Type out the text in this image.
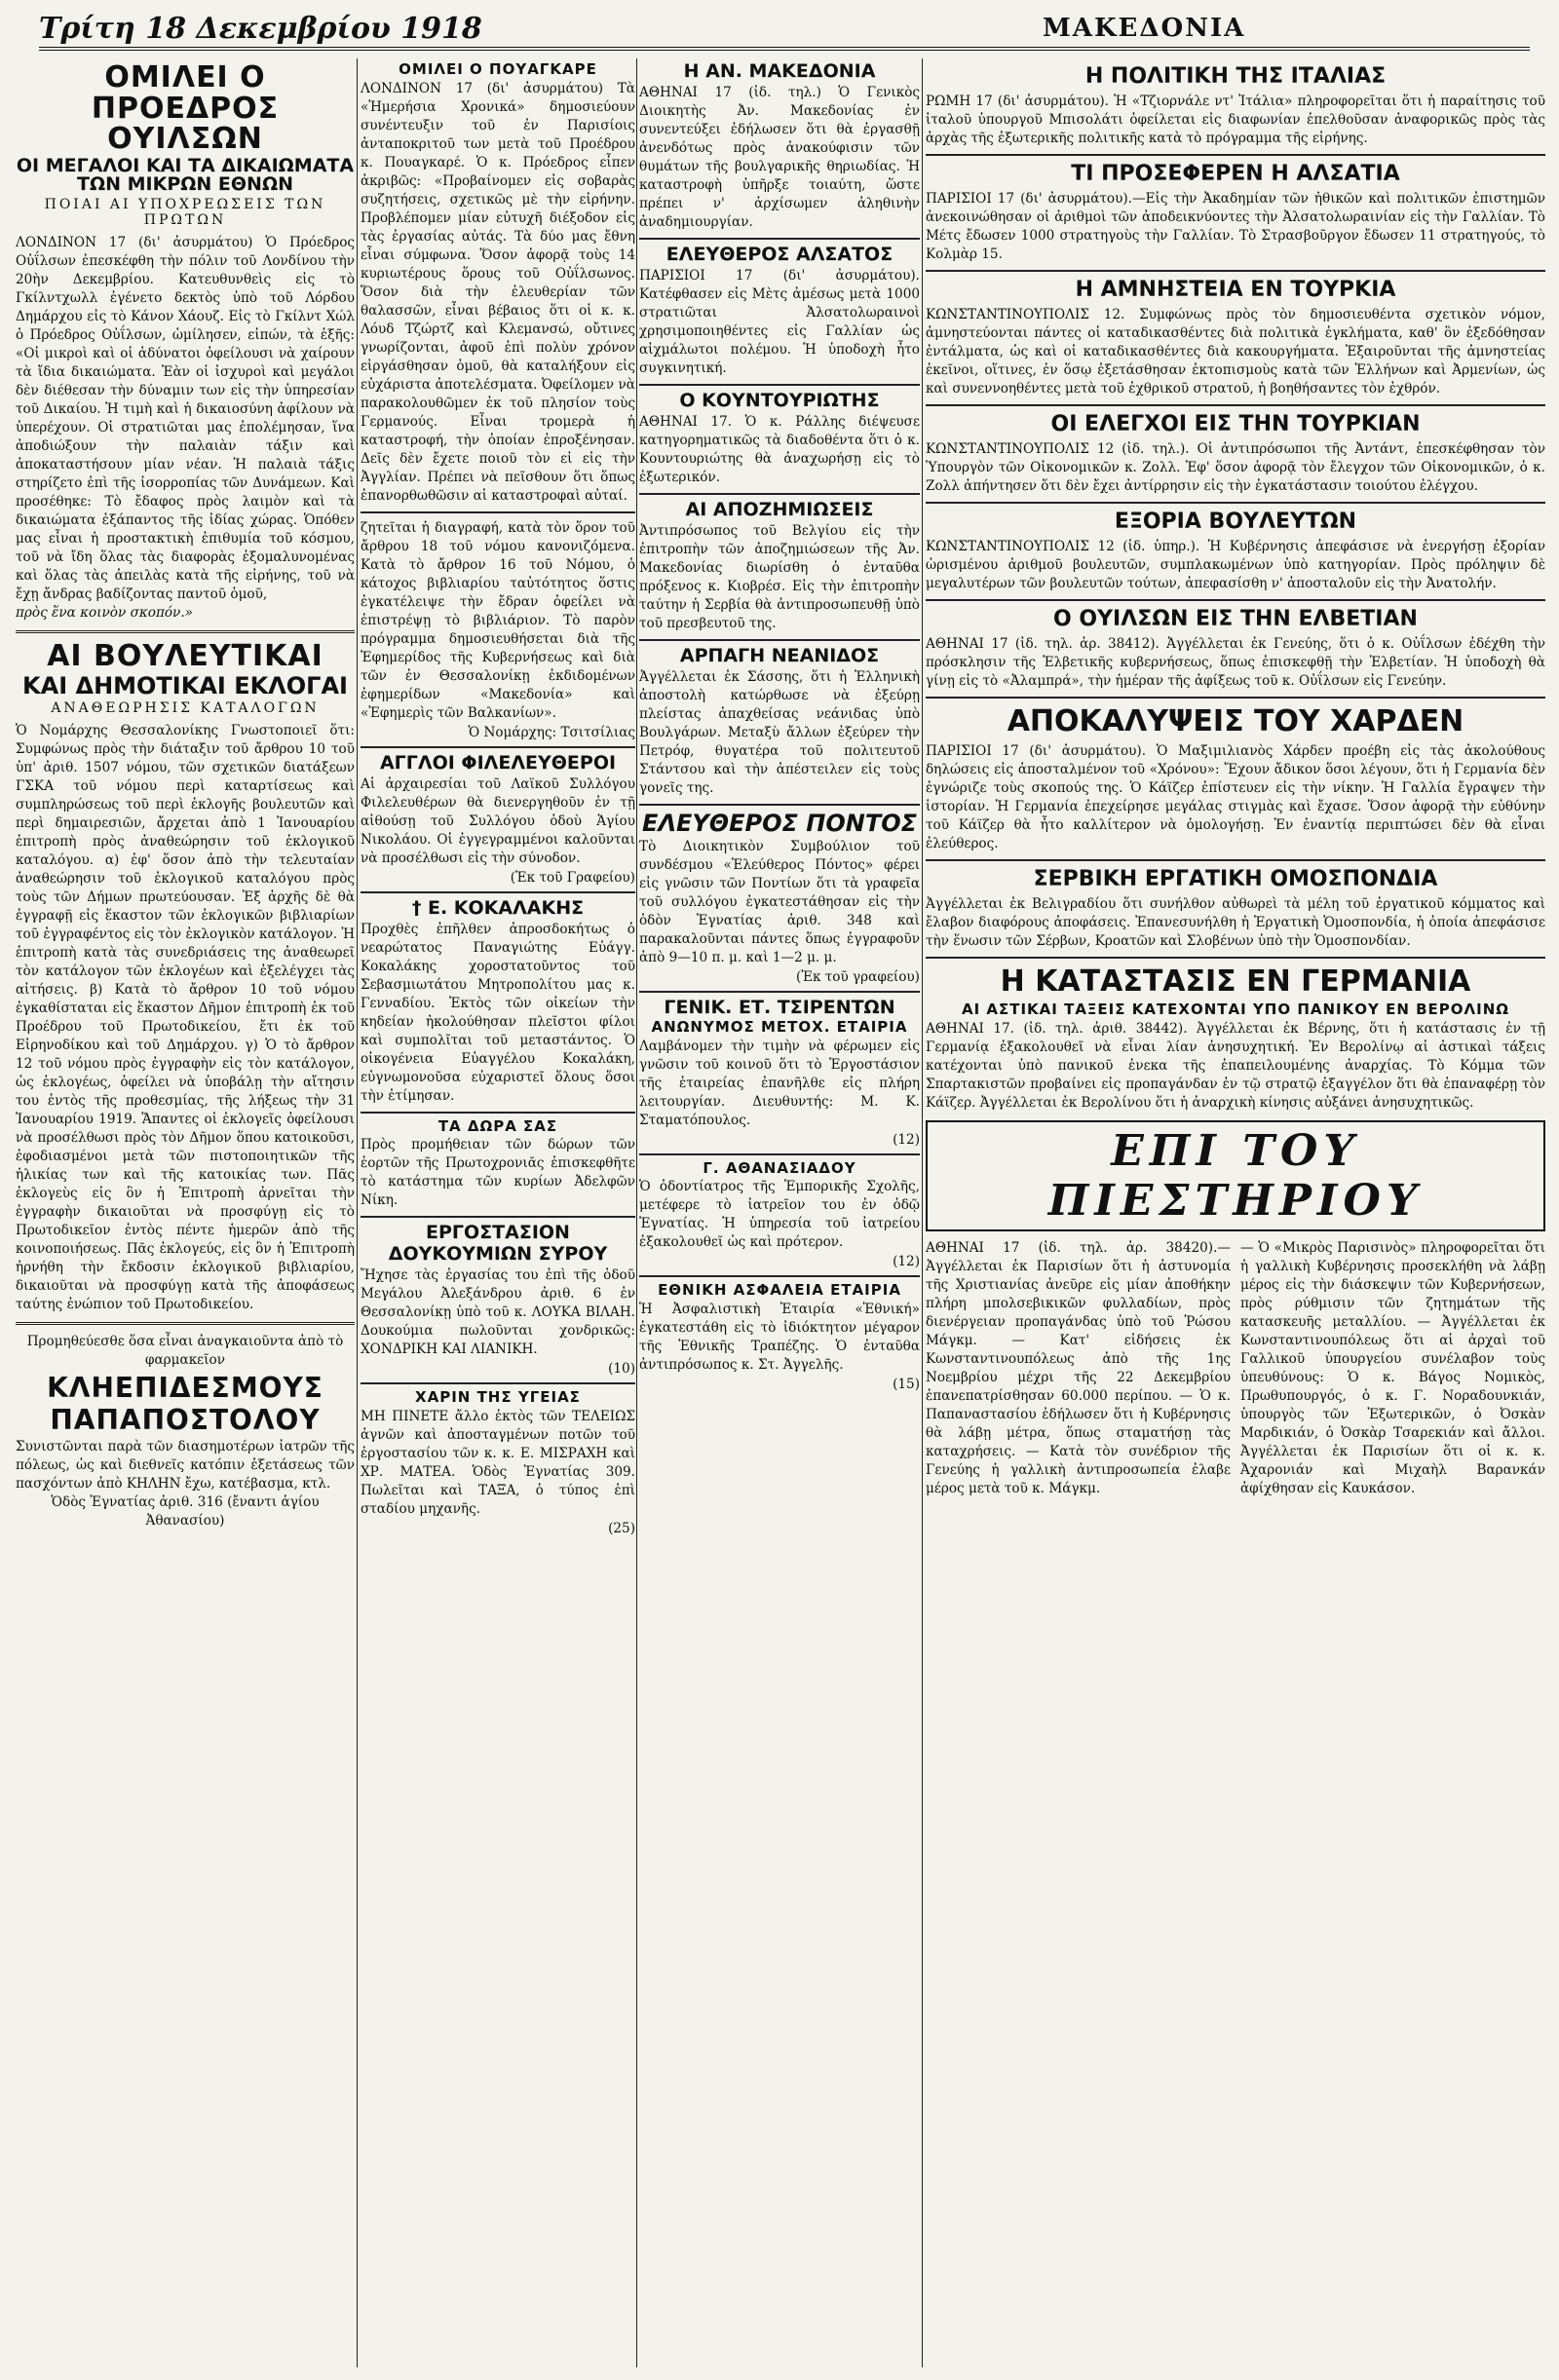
Τρίτη 18 Δεκεμβρίου 1918	ΜΑΚΕΔΟΝΙΑ
ΟΜΙΛΕΙ Ο ΠΡΟΕΔΡΟΣ ΟΥΙΛΣΩΝ
ΟΙ ΜΕΓΑΛΟΙ ΚΑΙ ΤΑ ΔΙΚΑΙΩΜΑΤΑ ΤΩΝ ΜΙΚΡΩΝ ΕΘΝΩΝ
ΠΟΙΑΙ ΑΙ ΥΠΟΧΡΕΩΣΕΙΣ ΤΩΝ ΠΡΩΤΩΝ

ΛΟΝΔΙΝΟΝ 17 (δι' ἀσυρμάτου) Ὁ Πρόεδρος Οὐΐλσων ἐπεσκέφθη τὴν πόλιν τοῦ Λονδίνου τὴν 20ὴν Δεκεμβρίου. Κατευθυνθεὶς εἰς τὸ Γκίλντχωλλ ἐγένετο δεκτὸς ὑπὸ τοῦ Λόρδου Δημάρχου εἰς τὸ Κάνον Χάουζ. Εἰς τὸ Γκίλντ Χώλ ὁ Πρόεδρος Οὐΐλσων, ὡμίλησεν, εἰπών, τὰ ἑξῆς: «Οἱ μικροὶ καὶ οἱ ἀδύνατοι ὀφείλουσι νὰ χαίρουν τὰ ἴδια δικαιώματα. Ἐὰν οἱ ἰσχυροὶ καὶ μεγάλοι δὲν διέθεσαν τὴν δύναμιν των εἰς τὴν ὑπηρεσίαν τοῦ Δικαίου. Ἡ τιμὴ καὶ ἡ δικαιοσύνη ἀφίλουν νὰ ὑπερέχουν. Οἱ στρατιῶται μας ἐπολέμησαν, ἵνα ἀποδιώξουν τὴν παλαιὰν τάξιν καὶ ἀποκαταστήσουν μίαν νέαν. Ἡ παλαιὰ τάξις στηρίζετο ἐπὶ τῆς ἰσορροπίας τῶν Δυνάμεων. Καὶ προσέθηκε: Τὸ ἔδαφος πρὸς λαιμὸν καὶ τὰ δικαιώματα ἐξάπαντος τῆς ἰδίας χώρας. Ὁπόθεν μας εἶναι ἡ προστακτικὴ ἐπιθυμία τοῦ κόσμου, τοῦ νὰ ἴδη ὅλας τὰς διαφορὰς ἐξομαλυνομένας καὶ ὅλας τὰς ἀπειλὰς κατὰ τῆς εἰρήνης, τοῦ νὰ ἔχῃ ἄνδρας βαδίζοντας παντοῦ ὁμοῦ,

πρὸς ἕνα κοινὸν σκοπόν.»

ΑΙ ΒΟΥΛΕΥΤΙΚΑΙ
ΚΑΙ ΔΗΜΟΤΙΚΑΙ ΕΚΛΟΓΑΙ
ΑΝΑΘΕΩΡΗΣΙΣ ΚΑΤΑΛΟΓΩΝ

Ὁ Νομάρχης Θεσσαλονίκης Γνωστοποιεῖ ὅτι: Συμφώνως πρὸς τὴν διάταξιν τοῦ ἄρθρου 10 τοῦ ὑπ' ἀριθ. 1507 νόμου, τῶν σχετικῶν διατάξεων ΓΣΚΑ τοῦ νόμου περὶ καταρτίσεως καὶ συμπληρώσεως τοῦ περὶ ἐκλογῆς βουλευτῶν καὶ περὶ δημαιρεσιῶν, ἄρχεται ἀπὸ 1 Ἰανουαρίου ἐπιτροπὴ πρὸς ἀναθεώρησιν τοῦ ἐκλογικοῦ καταλόγου. α) ἐφ' ὅσον ἀπὸ τὴν τελευταίαν ἀναθεώρησιν τοῦ ἐκλογικοῦ καταλόγου πρὸς τοὺς τῶν Δήμων πρωτεύουσαν. Ἐξ ἀρχῆς δὲ θὰ ἐγγραφῇ εἰς ἕκαστον τῶν ἐκλογικῶν βιβλιαρίων τοῦ ἐγγραφέντος εἰς τὸν ἐκλογικὸν κατάλογον. Ἡ ἐπιτροπὴ κατὰ τὰς συνεδριάσεις της ἀναθεωρεῖ τὸν κατάλογον τῶν ἐκλογέων καὶ ἐξελέγχει τὰς αἰτήσεις. β) Κατὰ τὸ ἄρθρον 10 τοῦ νόμου ἐγκαθίσταται εἰς ἕκαστον Δῆμον ἐπιτροπὴ ἐκ τοῦ Προέδρου τοῦ Πρωτοδικείου, ἔτι ἐκ τοῦ Εἰρηνοδίκου καὶ τοῦ Δημάρχου. γ) Ὁ τὸ ἄρθρον 12 τοῦ νόμου πρὸς ἐγγραφὴν εἰς τὸν κατάλογον, ὡς ἐκλογέως, ὀφείλει νὰ ὑποβάλῃ τὴν αἴτησιν του ἐντὸς τῆς προθεσμίας, τῆς λήξεως τὴν 31 Ἰανουαρίου 1919. Ἅπαντες οἱ ἐκλογεῖς ὀφείλουσι νὰ προσέλθωσι πρὸς τὸν Δῆμον ὅπου κατοικοῦσι, ἐφοδιασμένοι μετὰ τῶν πιστοποιητικῶν τῆς ἡλικίας των καὶ τῆς κατοικίας των. Πᾶς ἐκλογεὺς εἰς ὃν ἡ Ἐπιτροπὴ ἀρνεῖται τὴν ἐγγραφὴν δικαιοῦται νὰ προσφύγῃ εἰς τὸ Πρωτοδικεῖον ἐντὸς πέντε ἡμερῶν ἀπὸ τῆς κοινοποιήσεως. Πᾶς ἐκλογεύς, εἰς ὃν ἡ Ἐπιτροπὴ ἠρνήθη τὴν ἔκδοσιν ἐκλογικοῦ βιβλιαρίου, δικαιοῦται νὰ προσφύγῃ κατὰ τῆς ἀποφάσεως ταύτης ἐνώπιον τοῦ Πρωτοδικείου.

Προμηθεύεσθε ὅσα εἶναι ἀναγκαιοῦντα ἀπὸ τὸ φαρμακεῖον

ΚΛΗΕΠΙΔΕΣΜΟΥΣ ΠΑΠΑΠΟΣΤΟΛΟΥ

Συνιστῶνται παρὰ τῶν διασημοτέρων ἰατρῶν τῆς πόλεως, ὡς καὶ διεθνεῖς κατόπιν ἐξετάσεως τῶν πασχόντων ἀπὸ ΚΗΛΗΝ ἔχω, κατέβασμα, κτλ.

Ὁδὸς Ἐγνατίας ἀριθ. 316 (ἔναντι ἁγίου Ἀθανασίου)

ΟΜΙΛΕΙ Ο ΠΟΥΑΓΚΑΡΕ

ΛΟΝΔΙΝΟΝ 17 (δι' ἀσυρμάτου) Τὰ «Ἡμερήσια Χρονικά» δημοσιεύουν συνέντευξιν τοῦ ἐν Παρισίοις ἀνταποκριτοῦ των μετὰ τοῦ Προέδρου κ. Πουαγκαρέ. Ὁ κ. Πρόεδρος εἶπεν ἀκριβῶς: «Προβαίνομεν εἰς σοβαρὰς συζητήσεις, σχετικῶς μὲ τὴν εἰρήνην. Προβλέπομεν μίαν εὐτυχῆ διέξοδον εἰς τὰς ἐργασίας αὐτάς. Τὰ δύο μας ἔθνη εἶναι σύμφωνα. Ὅσον ἀφορᾷ τοὺς 14 κυριωτέρους ὅρους τοῦ Οὐΐλσωνος. Ὅσον διὰ τὴν ἐλευθερίαν τῶν θαλασσῶν, εἶναι βέβαιος ὅτι οἱ κ. κ. Λόυδ Τζώρτζ καὶ Κλεμανσώ, οὔτινες γνωρίζονται, ἀφοῦ ἐπὶ πολὺν χρόνον εἰργάσθησαν ὁμοῦ, θὰ καταλήξουν εἰς εὐχάριστα ἀποτελέσματα. Ὀφείλομεν νὰ παρακολουθῶμεν ἐκ τοῦ πλησίον τοὺς Γερμανούς. Εἶναι τρομερὰ ἡ καταστροφή, τὴν ὁποίαν ἐπροξένησαν. Δεῖς δὲν ἔχετε ποιοῦ τὸν εἰ εἰς τὴν Ἀγγλίαν. Πρέπει νὰ πεῖσθουν ὅτι ὅπως ἐπανορθωθῶσιν αἱ καταστροφαὶ αὐταί.

ζητεῖται ἡ διαγραφή, κατὰ τὸν ὅρον τοῦ ἄρθρου 18 τοῦ νόμου κανονιζόμενα. Κατὰ τὸ ἄρθρον 16 τοῦ Νόμου, ὁ κάτοχος βιβλιαρίου ταὐτότητος ὅστις ἐγκατέλειψε τὴν ἔδραν ὀφείλει νὰ ἐπιστρέψῃ τὸ βιβλιάριον. Τὸ παρὸν πρόγραμμα δημοσιευθήσεται διὰ τῆς Ἐφημερίδος τῆς Κυβερνήσεως καὶ διὰ τῶν ἐν Θεσσαλονίκῃ ἐκδιδομένων ἐφημερίδων «Μακεδονία» καὶ «Ἐφημερὶς τῶν Βαλκανίων».

Ὁ Νομάρχης: Τσιτσίλιας
ΑΓΓΛΟΙ ΦΙΛΕΛΕΥΘΕΡΟΙ

Αἱ ἀρχαιρεσίαι τοῦ Λαϊκοῦ Συλλόγου Φιλελευθέρων θὰ διενεργηθοῦν ἐν τῇ αἰθούσῃ τοῦ Συλλόγου ὁδοὺ Ἁγίου Νικολάου. Οἱ ἐγγεγραμμένοι καλοῦνται νὰ προσέλθωσι εἰς τὴν σύνοδον.

(Ἐκ τοῦ Γραφείου)
† Ε. ΚΟΚΑΛΑΚΗΣ

Προχθὲς ἐπῆλθεν ἀπροσδοκήτως ὁ νεαρώτατος Παναγιώτης Εὐάγγ. Κοκαλάκης χοροστατοῦντος τοῦ Σεβασμιωτάτου Μητροπολίτου μας κ. Γενναδίου. Ἐκτὸς τῶν οἰκείων τὴν κηδείαν ἠκολούθησαν πλεῖστοι φίλοι καὶ συμπολῖται τοῦ μεταστάντος. Ὁ οἰκογένεια Εὐαγγέλου Κοκαλάκη, εὐγνωμονοῦσα εὐχαριστεῖ ὅλους ὅσοι τὴν ἐτίμησαν.

ΤΑ ΔΩΡΑ ΣΑΣ

Πρὸς προμήθειαν τῶν δώρων τῶν ἑορτῶν τῆς Πρωτοχρονιᾶς ἐπισκεφθῆτε τὸ κατάστημα τῶν κυρίων Ἀδελφῶν Νίκη.

ΕΡΓΟΣΤΑΣΙΟΝ
ΔΟΥΚΟΥΜΙΩΝ ΣΥΡΟΥ

Ἤχησε τὰς ἐργασίας του ἐπὶ τῆς ὁδοῦ Μεγάλου Ἀλεξάνδρου ἀριθ. 6 ἐν Θεσσαλονίκῃ ὑπὸ τοῦ κ. ΛΟΥΚΑ ΒΙΛΑΗ. Δουκούμια πωλοῦνται χονδρικῶς: ΧΟΝΔΡΙΚΗ ΚΑΙ ΛΙΑΝΙΚΗ.

(10)
ΧΑΡΙΝ ΤΗΣ ΥΓΕΙΑΣ

ΜΗ ΠΙΝΕΤΕ ἄλλο ἐκτὸς τῶν ΤΕΛΕΙΩΣ ἀγνῶν καὶ ἀποσταγμένων ποτῶν τοῦ ἐργοστασίου τῶν κ. κ. Ε. ΜΙΣΡΑΧΗ καὶ ΧΡ. ΜΑΤΕΑ. Ὁδὸς Ἐγνατίας 309. Πωλεῖται καὶ ΤΑΞΑ, ὁ τύπος ἐπὶ σταδίου μηχανῆς.

(25)
Η ΑΝ. ΜΑΚΕΔΟΝΙΑ

ΑΘΗΝΑΙ 17 (ἰδ. τηλ.) Ὁ Γενικὸς Διοικητὴς Ἀν. Μακεδονίας ἐν συνεντεύξει ἐδήλωσεν ὅτι θὰ ἐργασθῇ ἀνενδότως πρὸς ἀνακούφισιν τῶν θυμάτων τῆς βουλγαρικῆς θηριωδίας. Ἡ καταστροφὴ ὑπῆρξε τοιαύτη, ὥστε πρέπει ν' ἀρχίσωμεν ἀληθινὴν ἀναδημιουργίαν.

ΕΛΕΥΘΕΡΟΣ ΑΛΣΑΤΟΣ

ΠΑΡΙΣΙΟΙ 17 (δι' ἀσυρμάτου). Κατέφθασεν εἰς Μὲτς ἀμέσως μετὰ 1000 στρατιῶται Ἀλσατολωραινοὶ χρησιμοποιηθέντες εἰς Γαλλίαν ὡς αἰχμάλωτοι πολέμου. Ἡ ὑποδοχὴ ἦτο συγκινητική.

Ο ΚΟΥΝΤΟΥΡΙΩΤΗΣ

ΑΘΗΝΑΙ 17. Ὁ κ. Ράλλης διέψευσε κατηγορηματικῶς τὰ διαδοθέντα ὅτι ὁ κ. Κουντουριώτης θὰ ἀναχωρήσῃ εἰς τὸ ἐξωτερικόν.

ΑΙ ΑΠΟΖΗΜΙΩΣΕΙΣ

Ἀντιπρόσωπος τοῦ Βελγίου εἰς τὴν ἐπιτροπὴν τῶν ἀποζημιώσεων τῆς Ἀν. Μακεδονίας διωρίσθη ὁ ἐνταῦθα πρόξενος κ. Κιοβρέσ. Εἰς τὴν ἐπιτροπὴν ταύτην ἡ Σερβία θὰ ἀντιπροσωπευθῇ ὑπὸ τοῦ πρεσβευτοῦ της.

ΑΡΠΑΓΗ ΝΕΑΝΙΔΟΣ

Ἀγγέλλεται ἐκ Σάσσης, ὅτι ἡ Ἑλληνικὴ ἀποστολὴ κατώρθωσε νὰ ἐξεύρῃ πλείστας ἀπαχθείσας νεάνιδας ὑπὸ Βουλγάρων. Μεταξὺ ἄλλων ἐξεύρεν τὴν Πετρόφ, θυγατέρα τοῦ πολιτευτοῦ Στάντσου καὶ τὴν ἀπέστειλεν εἰς τοὺς γονεῖς της.

ΕΛΕΥΘΕΡΟΣ ΠΟΝΤΟΣ

Τὸ Διοικητικὸν Συμβούλιον τοῦ συνδέσμου «Ἐλεύθερος Πόντος» φέρει εἰς γνῶσιν τῶν Ποντίων ὅτι τὰ γραφεῖα τοῦ συλλόγου ἐγκατεστάθησαν εἰς τὴν ὁδὸν Ἐγνατίας ἀριθ. 348 καὶ παρακαλοῦνται πάντες ὅπως ἐγγραφοῦν ἀπὸ 9—10 π. μ. καὶ 1—2 μ. μ.

(Ἐκ τοῦ γραφείου)
ΓΕΝΙΚ. ΕΤ. ΤΣΙΡΕΝΤΩΝ
ΑΝΩΝΥΜΟΣ ΜΕΤΟΧ. ΕΤΑΙΡΙΑ

Λαμβάνομεν τὴν τιμὴν νὰ φέρωμεν εἰς γνῶσιν τοῦ κοινοῦ ὅτι τὸ Ἐργοστάσιον τῆς ἑταιρείας ἐπανῆλθε εἰς πλήρη λειτουργίαν. Διευθυντής: Μ. Κ. Σταματόπουλος.

(12)
Γ. ΑΘΑΝΑΣΙΑΔΟΥ

Ὁ ὀδοντίατρος τῆς Ἐμπορικῆς Σχολῆς, μετέφερε τὸ ἰατρεῖον του ἐν ὁδῷ Ἐγνατίας. Ἡ ὑπηρεσία τοῦ ἰατρείου ἐξακολουθεῖ ὡς καὶ πρότερον.

(12)
ΕΘΝΙΚΗ ΑΣΦΑΛΕΙΑ ΕΤΑΙΡΙΑ

Ἡ Ἀσφαλιστικὴ Ἑταιρία «Ἐθνική» ἐγκατεστάθη εἰς τὸ ἰδιόκτητον μέγαρον τῆς Ἐθνικῆς Τραπέζης. Ὁ ἐνταῦθα ἀντιπρόσωπος κ. Στ. Ἀγγελῆς.

(15)
Η ΠΟΛΙΤΙΚΗ ΤΗΣ ΙΤΑΛΙΑΣ

ΡΩΜΗ 17 (δι' ἀσυρμάτου). Ἡ «Τζιορνάλε ντ' Ἰτάλια» πληροφορεῖται ὅτι ἡ παραίτησις τοῦ ἰταλοῦ ὑπουργοῦ Μπισολάτι ὀφείλεται εἰς διαφωνίαν ἐπελθοῦσαν ἀναφορικῶς πρὸς τὰς ἀρχὰς τῆς ἐξωτερικῆς πολιτικῆς κατὰ τὸ πρόγραμμα τῆς εἰρήνης.

ΤΙ ΠΡΟΣΕΦΕΡΕΝ Η ΑΛΣΑΤΙΑ

ΠΑΡΙΣΙΟΙ 17 (δι' ἀσυρμάτου).—Εἰς τὴν Ἀκαδημίαν τῶν ἠθικῶν καὶ πολιτικῶν ἐπιστημῶν ἀνεκοινώθησαν οἱ ἀριθμοὶ τῶν ἀποδεικνύοντες τὴν Ἀλσατολωραινίαν εἰς τὴν Γαλλίαν. Τὸ Μέτς ἔδωσεν 1000 στρατηγοὺς τὴν Γαλλίαν. Τὸ Στρασβοῦργον ἔδωσεν 11 στρατηγούς, τὸ Κολμὰρ 15.

Η ΑΜΝΗΣΤΕΙΑ ΕΝ ΤΟΥΡΚΙΑ

ΚΩΝΣΤΑΝΤΙΝΟΥΠΟΛΙΣ 12. Συμφώνως πρὸς τὸν δημοσιευθέντα σχετικὸν νόμον, ἀμνηστεύονται πάντες οἱ καταδικασθέντες διὰ πολιτικὰ ἐγκλήματα, καθ' ὃν ἐξεδόθησαν ἐντάλματα, ὡς καὶ οἱ καταδικασθέντες διὰ κακουργήματα. Ἐξαιροῦνται τῆς ἀμνηστείας ἐκεῖνοι, οἵτινες, ἐν ὅσῳ ἐξετάσθησαν ἐκτοπισμοὺς κατὰ τῶν Ἑλλήνων καὶ Ἀρμενίων, ὡς καὶ συνεννοηθέντες μετὰ τοῦ ἐχθρικοῦ στρατοῦ, ἡ βοηθήσαντες τὸν ἐχθρόν.

ΟΙ ΕΛΕΓΧΟΙ ΕΙΣ ΤΗΝ ΤΟΥΡΚΙΑΝ

ΚΩΝΣΤΑΝΤΙΝΟΥΠΟΛΙΣ 12 (ἰδ. τηλ.). Οἱ ἀντιπρόσωποι τῆς Ἀντάντ, ἐπεσκέφθησαν τὸν Ὑπουργὸν τῶν Οἰκονομικῶν κ. Ζολλ. Ἐφ' ὅσον ἀφορᾷ τὸν ἔλεγχον τῶν Οἰκονομικῶν, ὁ κ. Ζολλ ἀπήντησεν ὅτι δὲν ἔχει ἀντίρρησιν εἰς τὴν ἐγκατάστασιν τοιούτου ἐλέγχου.

ΕΞΟΡΙΑ ΒΟΥΛΕΥΤΩΝ

ΚΩΝΣΤΑΝΤΙΝΟΥΠΟΛΙΣ 12 (ἰδ. ὑπηρ.). Ἡ Κυβέρνησις ἀπεφάσισε νὰ ἐνεργήσῃ ἐξορίαν ὡρισμένου ἀριθμοῦ βουλευτῶν, συμπλακωμένων ὑπὸ κατηγορίαν. Πρὸς πρόληψιν δὲ μεγαλυτέρων τῶν βουλευτῶν τούτων, ἀπεφασίσθη ν' ἀποσταλοῦν εἰς τὴν Ἀνατολήν.

Ο ΟΥΙΛΣΩΝ ΕΙΣ ΤΗΝ ΕΛΒΕΤΙΑΝ

ΑΘΗΝΑΙ 17 (ἰδ. τηλ. ἀρ. 38412). Ἀγγέλλεται ἐκ Γενεύης, ὅτι ὁ κ. Οὐΐλσων ἐδέχθη τὴν πρόσκλησιν τῆς Ἑλβετικῆς κυβερνήσεως, ὅπως ἐπισκεφθῇ τὴν Ἑλβετίαν. Ἡ ὑποδοχὴ θὰ γίνῃ εἰς τὸ «Ἀλαμπρά», τὴν ἡμέραν τῆς ἀφίξεως τοῦ κ. Οὐΐλσων εἰς Γενεύην.

ΑΠΟΚΑΛΥΨΕΙΣ ΤΟΥ ΧΑΡΔΕΝ

ΠΑΡΙΣΙΟΙ 17 (δι' ἀσυρμάτου). Ὁ Μαξιμιλιανὸς Χάρδεν προέβη εἰς τὰς ἀκολούθους δηλώσεις εἰς ἀποσταλμένον τοῦ «Χρόνου»: Ἔχουν ἄδικον ὅσοι λέγουν, ὅτι ἡ Γερμανία δὲν ἐγνώριζε τοὺς σκοπούς της. Ὁ Κάϊζερ ἐπίστευεν εἰς τὴν νίκην. Ἡ Γαλλία ἔγραψεν τὴν ἱστορίαν. Ἡ Γερμανία ἐπεχείρησε μεγάλας στιγμὰς καὶ ἔχασε. Ὅσον ἀφορᾷ τὴν εὐθύνην τοῦ Κάϊζερ θὰ ἦτο καλλίτερον νὰ ὁμολογήσῃ. Ἐν ἐναντίᾳ περιπτώσει δὲν θὰ εἶναι ἐλεύθερος.

ΣΕΡΒΙΚΗ ΕΡΓΑΤΙΚΗ ΟΜΟΣΠΟΝΔΙΑ

Ἀγγέλλεται ἐκ Βελιγραδίου ὅτι συνήλθον αὐθωρεὶ τὰ μέλη τοῦ ἐργατικοῦ κόμματος καὶ ἔλαβον διαφόρους ἀποφάσεις. Ἐπανεσυνήλθη ἡ Ἐργατικὴ Ὁμοσπονδία, ἡ ὁποία ἀπεφάσισε τὴν ἕνωσιν τῶν Σέρβων, Κροατῶν καὶ Σλοβένων ὑπὸ τὴν Ὁμοσπονδίαν.

Η ΚΑΤΑΣΤΑΣΙΣ ΕΝ ΓΕΡΜΑΝΙΑ
ΑΙ ΑΣΤΙΚΑΙ ΤΑΞΕΙΣ ΚΑΤΕΧΟΝΤΑΙ ΥΠΟ ΠΑΝΙΚΟΥ ΕΝ ΒΕΡΟΛΙΝΩ

ΑΘΗΝΑΙ 17. (ἰδ. τηλ. ἀριθ. 38442). Ἀγγέλλεται ἐκ Βέρνης, ὅτι ἡ κατάστασις ἐν τῇ Γερμανίᾳ ἐξακολουθεῖ νὰ εἶναι λίαν ἀνησυχητική. Ἐν Βερολίνῳ αἱ ἀστικαὶ τάξεις κατέχονται ὑπὸ πανικοῦ ἐνεκα τῆς ἐπαπειλουμένης ἀναρχίας. Τὸ Κόμμα τῶν Σπαρτακιστῶν προβαίνει εἰς προπαγάνδαν ἐν τῷ στρατῷ ἐξαγγέλον ὅτι θὰ ἐπαναφέρῃ τὸν Κάϊζερ. Ἀγγέλλεται ἐκ Βερολίνου ὅτι ἡ ἀναρχικὴ κίνησις αὐξάνει ἀνησυχητικῶς.

ΕΠΙ ΤΟΥ ΠΙΕΣΤΗΡΙΟΥ

ΑΘΗΝΑΙ 17 (ἰδ. τηλ. ἀρ. 38420).—Ἀγγέλλεται ἐκ Παρισίων ὅτι ἡ ἀστυνομία τῆς Χριστιανίας ἀνεῦρε εἰς μίαν ἀποθήκην πλήρη μπολσεβικικῶν φυλλαδίων, πρὸς διενέργειαν προπαγάνδας ὑπὸ τοῦ Ῥώσου Μάγκμ. — Κατ' εἰδήσεις ἐκ Κωνσταντινουπόλεως ἀπὸ τῆς 1ης Νοεμβρίου μέχρι τῆς 22 Δεκεμβρίου ἐπανεπατρίσθησαν 60.000 περίπου. — Ὁ κ. Παπαναστασίου ἐδήλωσεν ὅτι ἡ Κυβέρνησις θὰ λάβῃ μέτρα, ὅπως σταματήσῃ τὰς καταχρήσεις. — Κατὰ τὸν συνέδριον τῆς Γενεύης ἡ γαλλικὴ ἀντιπροσωπεία ἐλαβε μέρος μετὰ τοῦ κ. Μάγκμ.

— Ὁ «Μικρὸς Παρισινὸς» πληροφορεῖται ὅτι ἡ γαλλικὴ Κυβέρνησις προσεκλήθη νὰ λάβῃ μέρος εἰς τὴν διάσκεψιν τῶν Κυβερνήσεων, πρὸς ρύθμισιν τῶν ζητημάτων τῆς κατασκευῆς μεταλλίου. — Ἀγγέλλεται ἐκ Κωνσταντινουπόλεως ὅτι αἱ ἀρχαὶ τοῦ Γαλλικοῦ ὑπουργείου συνέλαβον τοὺς ὑπευθύνους: Ὁ κ. Βάγος Νομικὸς, Πρωθυπουργός, ὁ κ. Γ. Νοραδουνκιάν, ὑπουργὸς τῶν Ἐξωτερικῶν, ὁ Ὀσκὰν Μαρδικιάν, ὁ Ὀσκὰρ Τσαρεκιάν καὶ ἄλλοι. Ἀγγέλλεται ἐκ Παρισίων ὅτι οἱ κ. κ. Ἀχαρονιάν καὶ Μιχαὴλ Βαρανκάν ἀφίχθησαν εἰς Καυκάσον.
